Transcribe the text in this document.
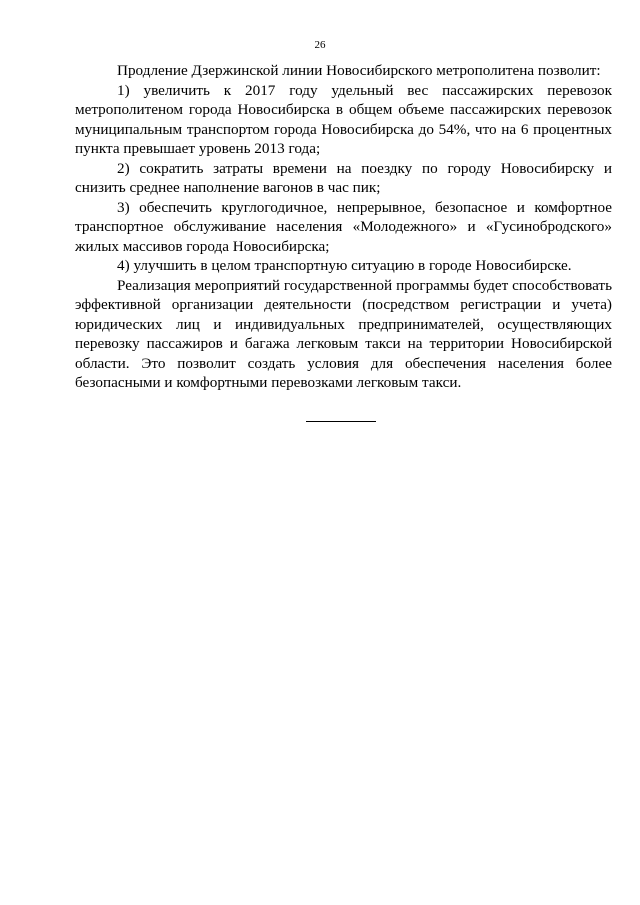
26

Продление Дзержинской линии Новосибирского метрополитена позволит:

1) увеличить к 2017 году удельный вес пассажирских перевозок метрополитеном города Новосибирска в общем объеме пассажирских перевозок муниципальным транспортом города Новосибирска до 54%, что на 6 процентных пункта превышает уровень 2013 года;

2) сократить затраты времени на поездку по городу Новосибирску и снизить среднее наполнение вагонов в час пик;

3) обеспечить круглогодичное, непрерывное, безопасное и комфортное транспортное обслуживание населения «Молодежного» и «Гусинобродского» жилых массивов города Новосибирска;

4) улучшить в целом транспортную ситуацию в городе Новосибирске.

Реализация мероприятий государственной программы будет способствовать эффективной организации деятельности (посредством регистрации и учета) юридических лиц и индивидуальных предпринимателей, осуществляющих перевозку пассажиров и багажа легковым такси на территории Новосибирской области. Это позволит создать условия для обеспечения населения более безопасными и комфортными перевозками легковым такси.
